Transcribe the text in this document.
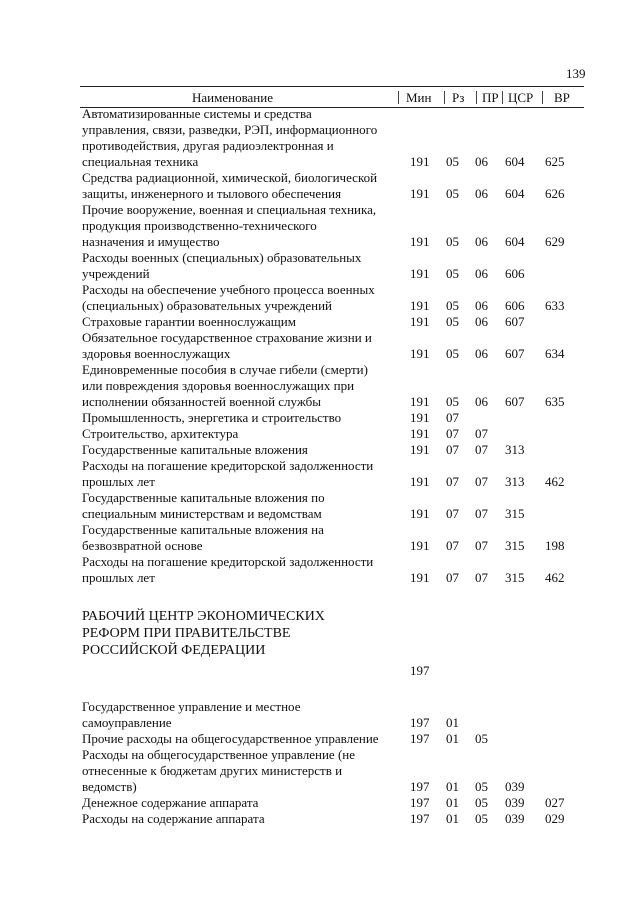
139
Наименование	Мин Рз ПР ЦСР ВР
Автоматизированные системы и средства управления, связи, разведки, РЭП, информационного противодействия, другая радиоэлектронная и специальная техника	191 05 06 604 625
Средства радиационной, химической, биологической защиты, инженерного и тылового обеспечения	191 05 06 604 626
Прочие вооружение, военная и специальная техника, продукция производственно-технического назначения и имущество	191 05 06 604 629
Расходы военных (специальных) образовательных учреждений	191 05 06 606
Расходы на обеспечение учебного процесса военных (специальных) образовательных учреждений	191 05 06 606 633
Страховые гарантии военнослужащим	191 05 06 607
Обязательное государственное страхование жизни и здоровья военнослужащих	191 05 06 607 634
Единовременные пособия в случае гибели (смерти) или повреждения здоровья военнослужащих при исполнении обязанностей военной службы	191 05 06 607 635
Промышленность, энергетика и строительство	191 07
Строительство, архитектура	191 07 07
Государственные капитальные вложения	191 07 07 313
Расходы на погашение кредиторской задолженности прошлых лет	191 07 07 313 462
Государственные капитальные вложения по специальным министерствам и ведомствам	191 07 07 315
Государственные капитальные вложения на безвозвратной основе	191 07 07 315 198
Расходы на погашение кредиторской задолженности прошлых лет	191 07 07 315 462
РАБОЧИЙ ЦЕНТР ЭКОНОМИЧЕСКИХ РЕФОРМ ПРИ ПРАВИТЕЛЬСТВЕ РОССИЙСКОЙ ФЕДЕРАЦИИ
197
Государственное управление и местное самоуправление	197 01
Прочие расходы на общегосударственное управление 197 01 05
Расходы на общегосударственное управление (не отнесенные к бюджетам других министерств и ведомств)	197 01 05 039
Денежное содержание аппарата	197 01 05 039 027
Расходы на содержание аппарата	197 01 05 039 029
